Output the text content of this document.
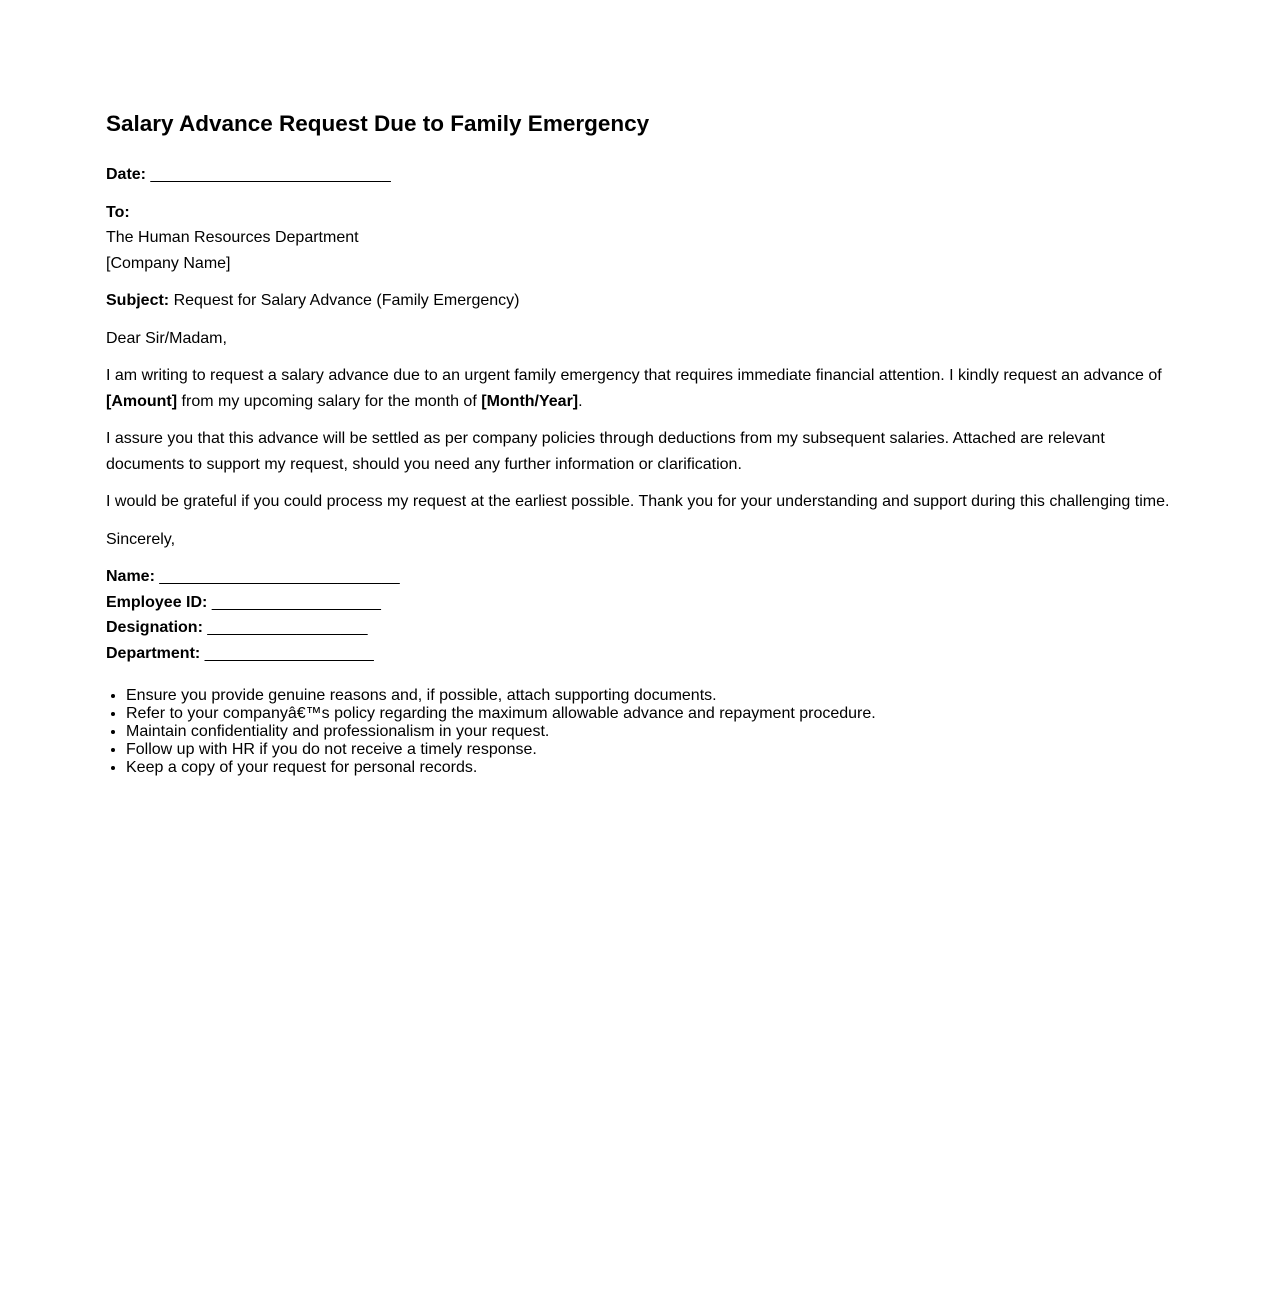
Salary Advance Request Due to Family Emergency

Date: ___________________________

To:

The Human Resources Department

[Company Name]

Subject: Request for Salary Advance (Family Emergency)

Dear Sir/Madam,

I am writing to request a salary advance due to an urgent family emergency that requires immediate financial attention. I kindly request an advance of [Amount] from my upcoming salary for the month of [Month/Year].

I assure you that this advance will be settled as per company policies through deductions from my subsequent salaries. Attached are relevant documents to support my request, should you need any further information or clarification.

I would be grateful if you could process my request at the earliest possible. Thank you for your understanding and support during this challenging time.

Sincerely,

Name: ___________________________
Employee ID: ___________________
Designation: __________________
Department: ___________________
• Ensure you provide genuine reasons and, if possible, attach supporting documents.
• Refer to your companyâ€™s policy regarding the maximum allowable advance and repayment procedure.
• Maintain confidentiality and professionalism in your request.
• Follow up with HR if you do not receive a timely response.
• Keep a copy of your request for personal records.
